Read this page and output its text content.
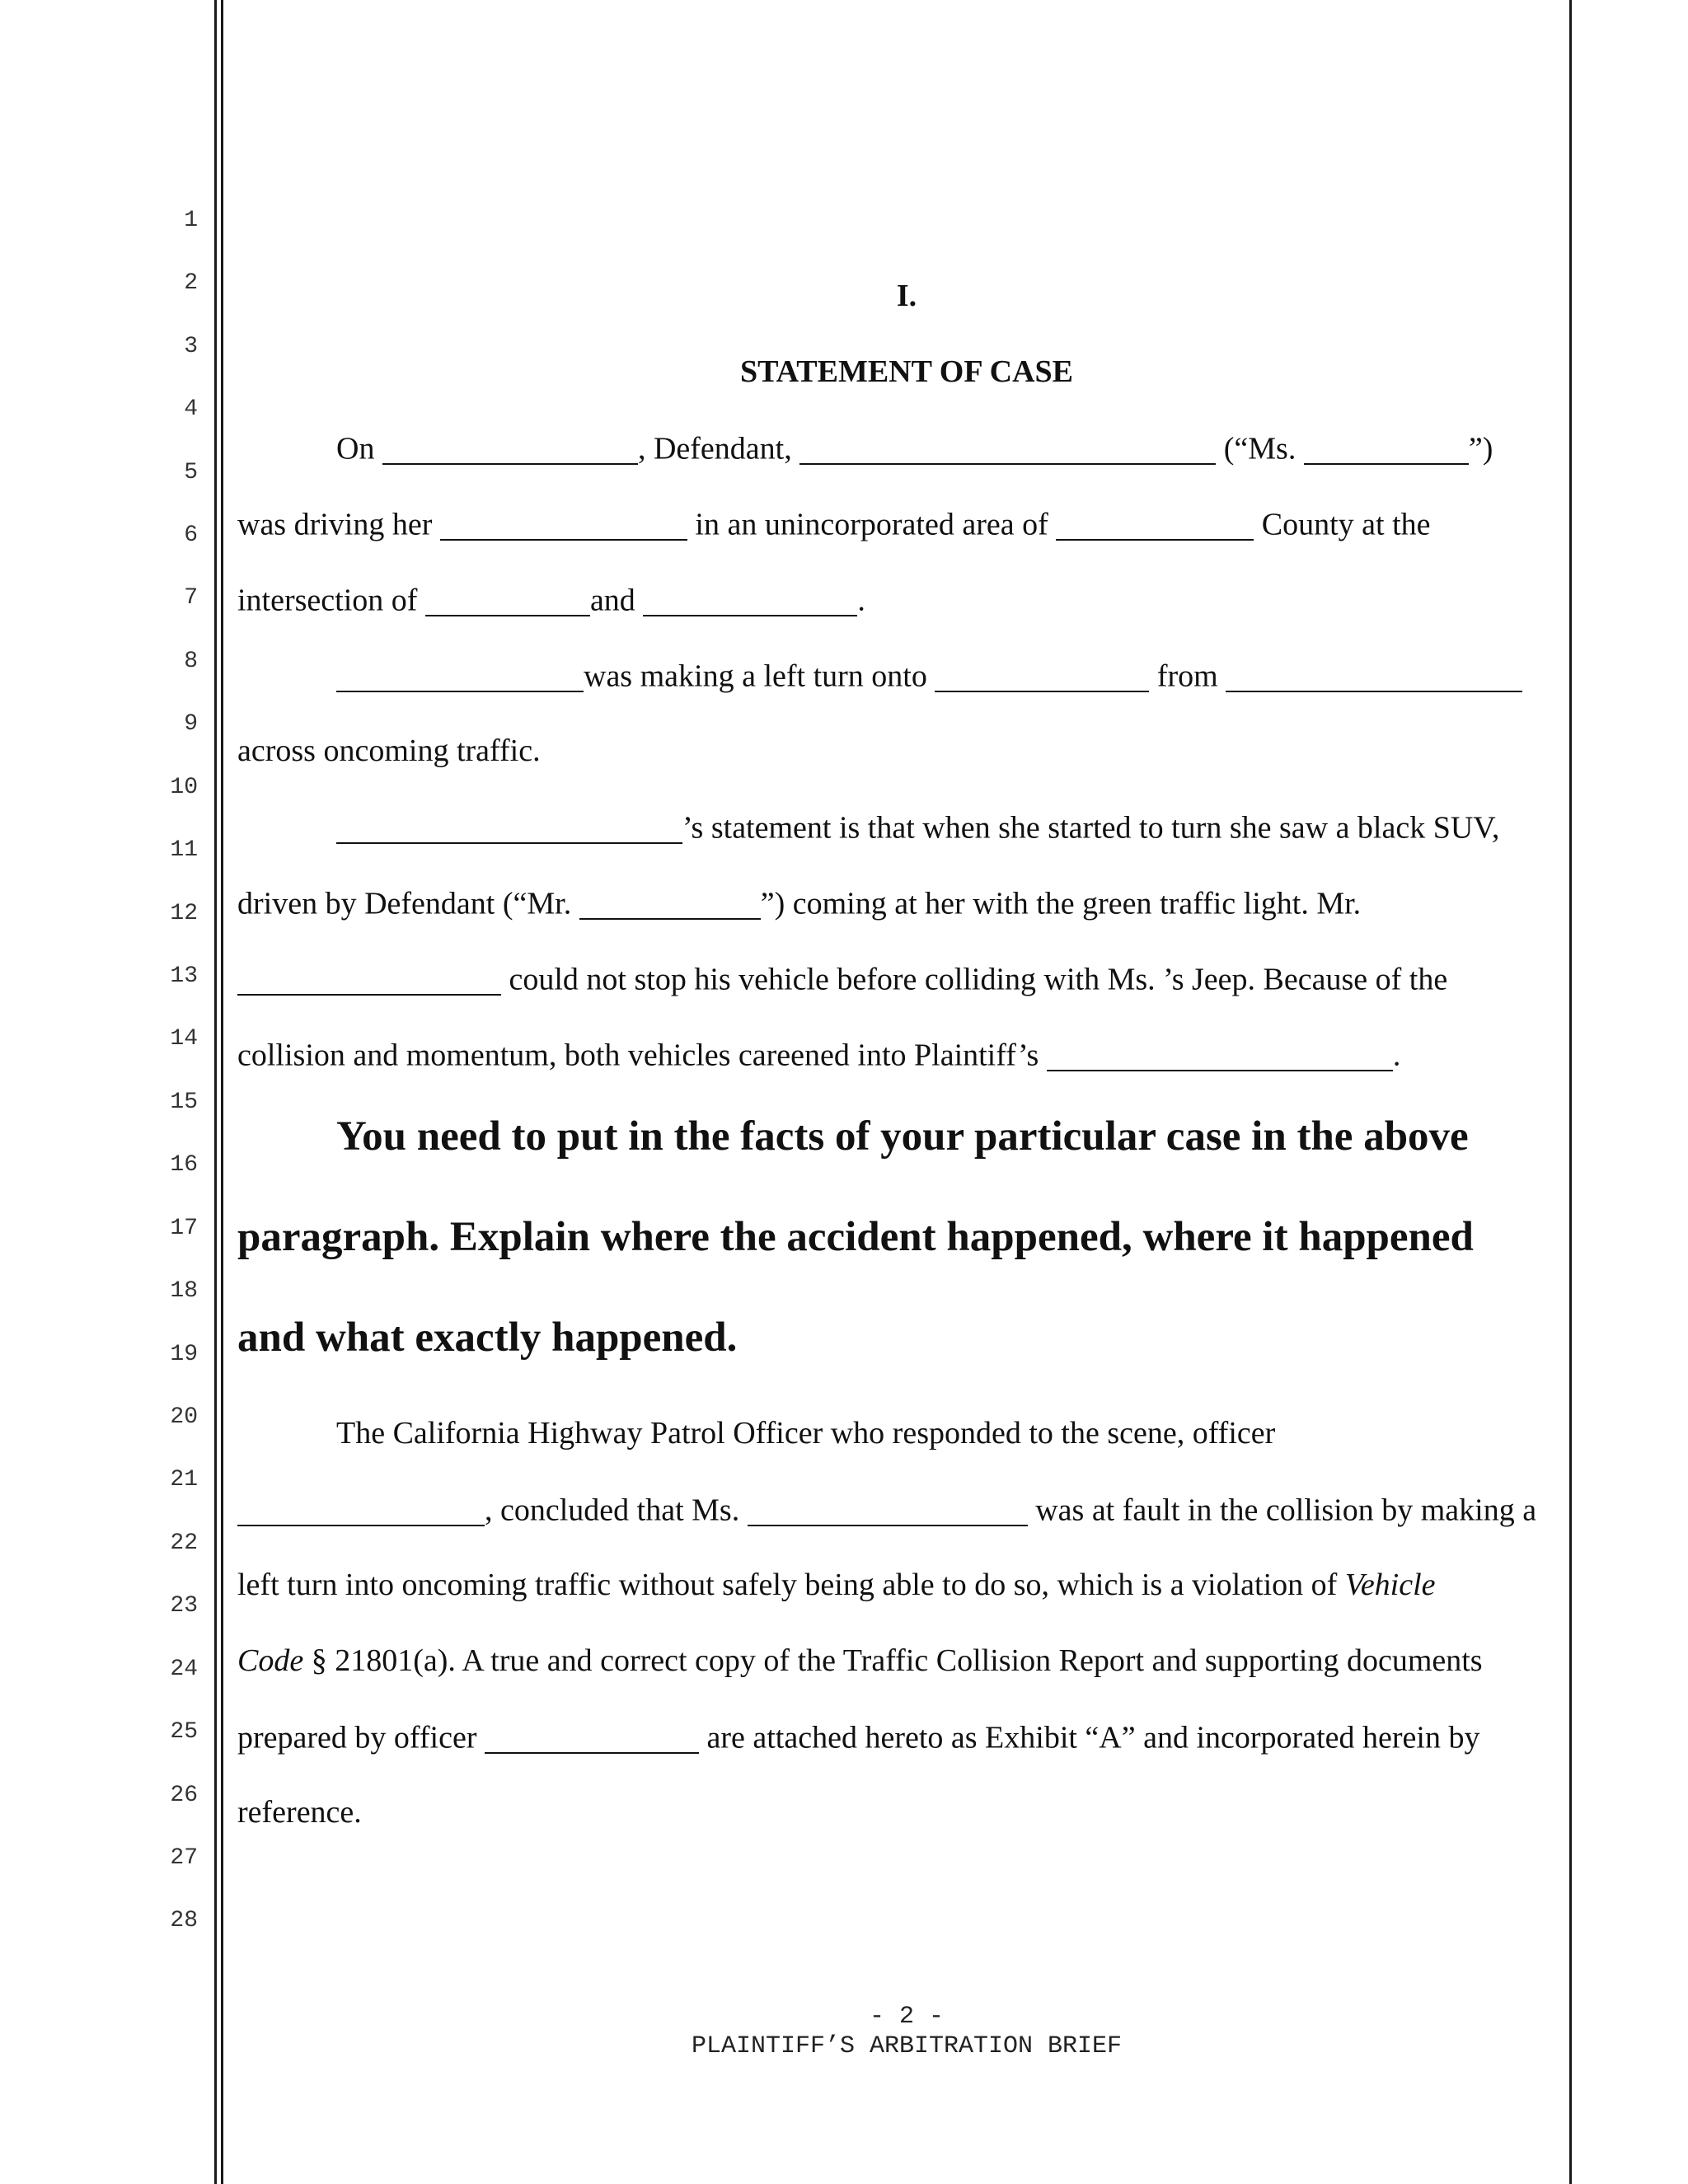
1
2
3
4
5
6
7
8
9
10
11
12
13
14
15
16
17
18
19
20
21
22
23
24
25
26
27
28
I.
STATEMENT OF CASE
On	, Defendant,	(“Ms.	”)
was driving her	in an unincorporated area of	County at the
intersection of	and	.
was making a left turn onto	from
across oncoming traffic.
’s statement is that when she started to turn she saw a black SUV,
driven by Defendant (“Mr.	”) coming at her with the green traffic light. Mr.
could not stop his vehicle before colliding with Ms. ’s Jeep. Because of the
collision and momentum, both vehicles careened into Plaintiff’s	.
You need to put in the facts of your particular case in the above
paragraph. Explain where the accident happened, where it happened
and what exactly happened.
The California Highway Patrol Officer who responded to the scene, officer
, concluded that Ms.	was at fault in the collision by making a
left turn into oncoming traffic without safely being able to do so, which is a violation of Vehicle
Code § 21801(a). A true and correct copy of the Traffic Collision Report and supporting documents
prepared by officer	are attached hereto as Exhibit “A” and incorporated herein by
reference.
- 2 -
PLAINTIFF’S ARBITRATION BRIEF
